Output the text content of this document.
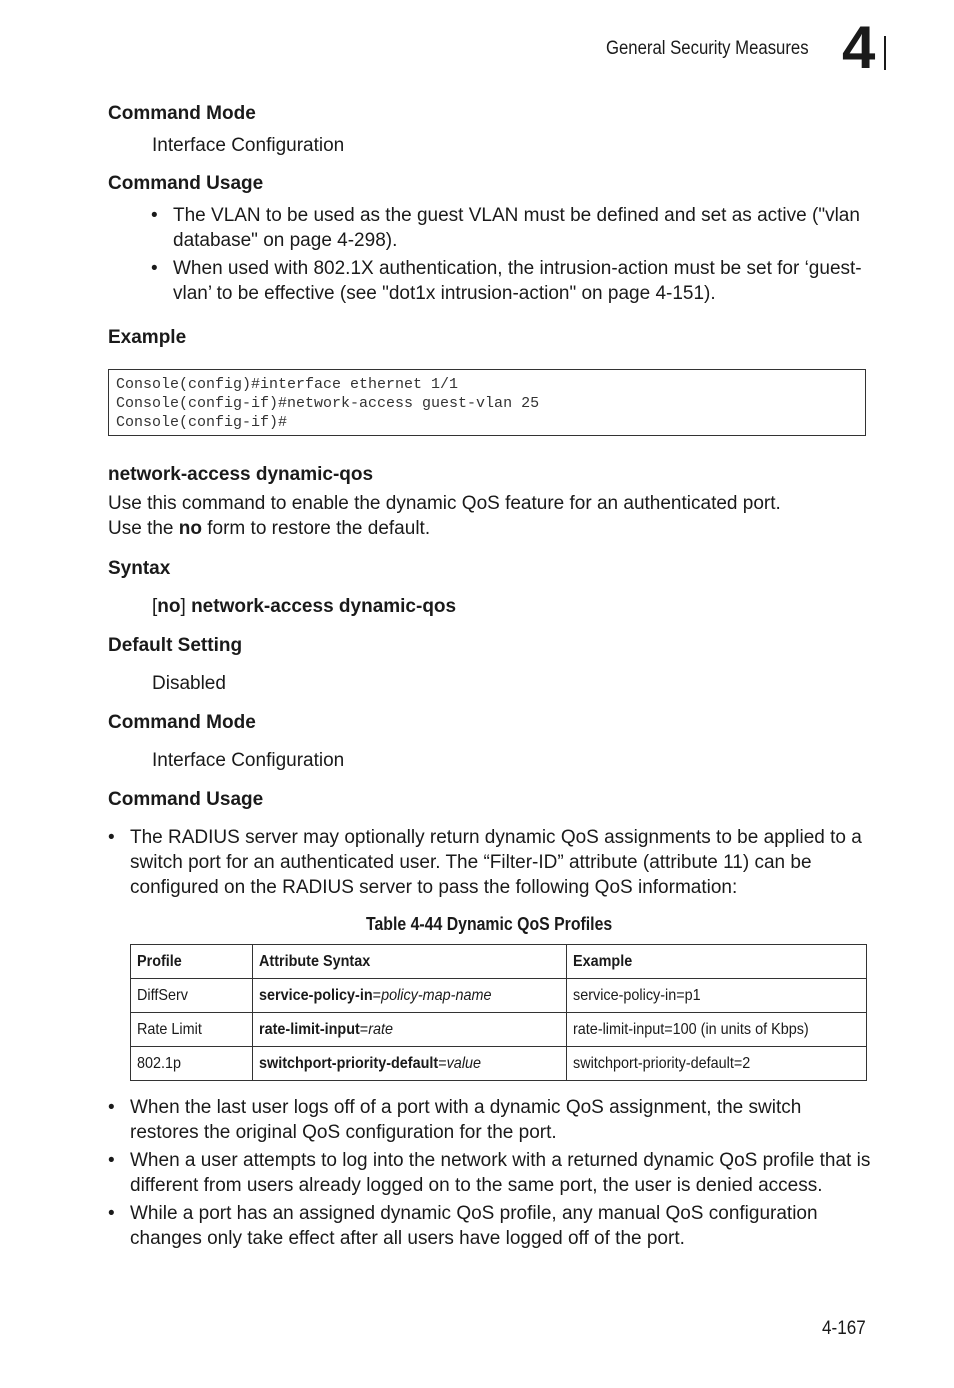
General Security Measures 4
Command Mode
Interface Configuration
Command Usage
• The VLAN to be used as the guest VLAN must be defined and set as active ("vlan database" on page 4-298).
• When used with 802.1X authentication, the intrusion-action must be set for ‘guest-vlan’ to be effective (see "dot1x intrusion-action" on page 4-151).
Example
Console(config)#interface ethernet 1/1
Console(config-if)#network-access guest-vlan 25
Console(config-if)#
network-access dynamic-qos
Use this command to enable the dynamic QoS feature for an authenticated port.
Use the no form to restore the default.
Syntax
[no] network-access dynamic-qos
Default Setting
Disabled
Command Mode
Interface Configuration
Command Usage
• The RADIUS server may optionally return dynamic QoS assignments to be applied to a switch port for an authenticated user. The “Filter-ID” attribute (attribute 11) can be configured on the RADIUS server to pass the following QoS information:
Table 4-44 Dynamic QoS Profiles
Profile	Attribute Syntax	Example
DiffServ	service-policy-in=policy-map-name	service-policy-in=p1
Rate Limit	rate-limit-input=rate	rate-limit-input=100 (in units of Kbps)
802.1p	switchport-priority-default=value	switchport-priority-default=2
• When the last user logs off of a port with a dynamic QoS assignment, the switch restores the original QoS configuration for the port.
• When a user attempts to log into the network with a returned dynamic QoS profile that is different from users already logged on to the same port, the user is denied access.
• While a port has an assigned dynamic QoS profile, any manual QoS configuration changes only take effect after all users have logged off of the port.
4-167
